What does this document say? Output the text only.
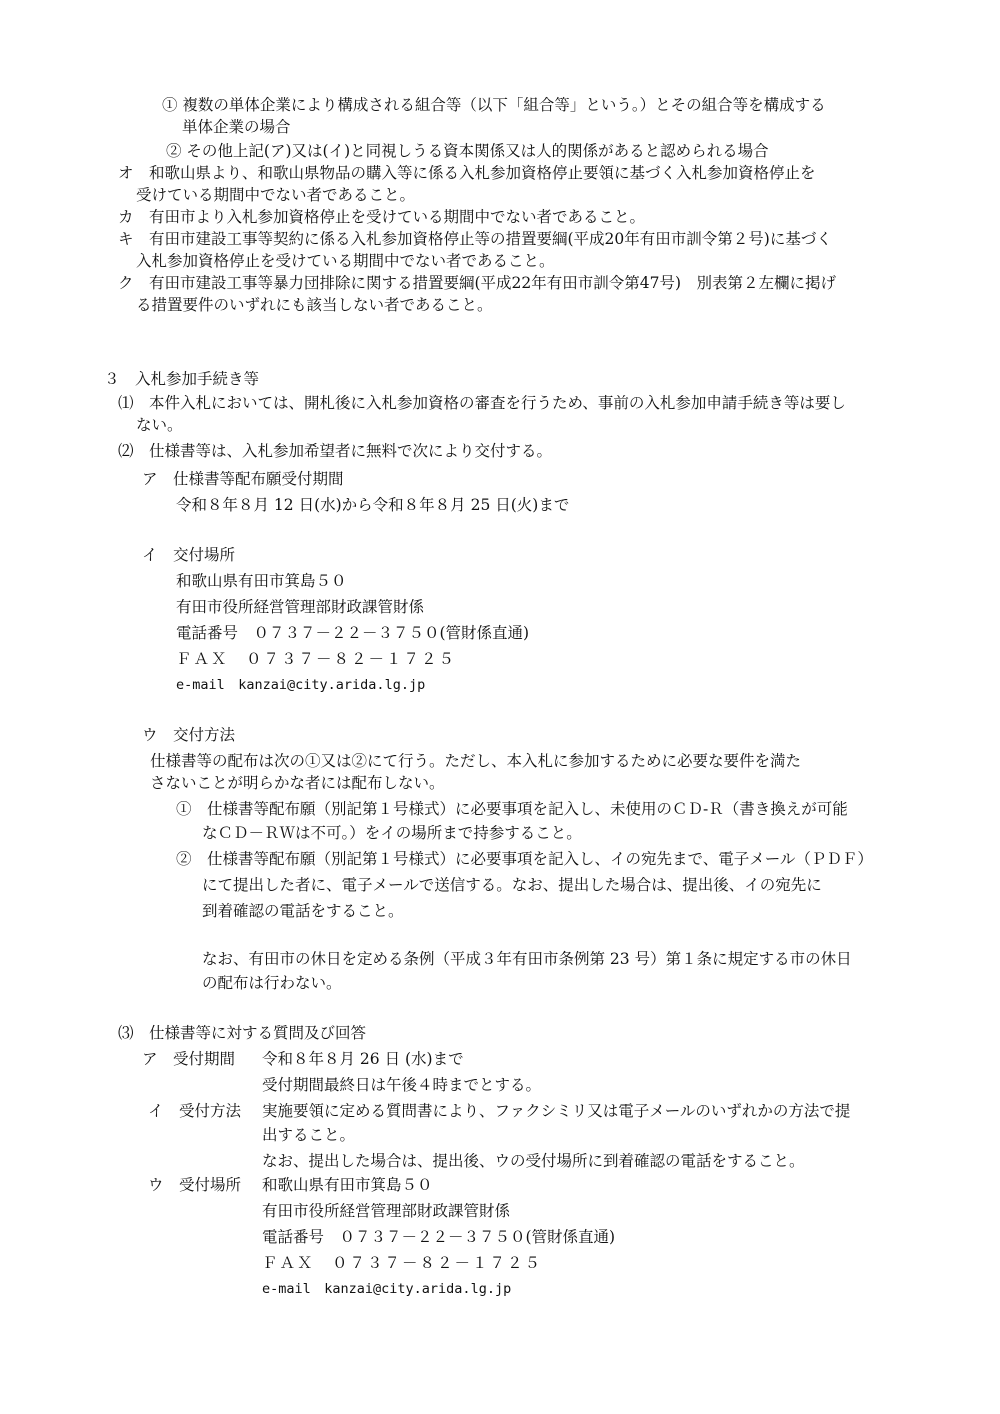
① 複数の単体企業により構成される組合等（以下「組合等」という。）とその組合等を構成する
単体企業の場合
② その他上記(ア)又は(イ)と同視しうる資本関係又は人的関係があると認められる場合
オ　和歌山県より、和歌山県物品の購入等に係る入札参加資格停止要領に基づく入札参加資格停止を
受けている期間中でない者であること。
カ　有田市より入札参加資格停止を受けている期間中でない者であること。
キ　有田市建設工事等契約に係る入札参加資格停止等の措置要綱(平成20年有田市訓令第２号)に基づく
入札参加資格停止を受けている期間中でない者であること。
ク　有田市建設工事等暴力団排除に関する措置要綱(平成22年有田市訓令第47号)　別表第２左欄に掲げ
る措置要件のいずれにも該当しない者であること。
３　入札参加手続き等
⑴　本件入札においては、開札後に入札参加資格の審査を行うため、事前の入札参加申請手続き等は要し
ない。
⑵　仕様書等は、入札参加希望者に無料で次により交付する。
ア　仕様書等配布願受付期間
令和８年８月 12 日(水)から令和８年８月 25 日(火)まで
イ　交付場所
和歌山県有田市箕島５０
有田市役所経営管理部財政課管財係
電話番号　０７３７－２２－３７５０(管財係直通)
ＦＡＸ　０７３７－８２－１７２５
e-mail　kanzai@city.arida.lg.jp
ウ　交付方法
仕様書等の配布は次の①又は②にて行う。ただし、本入札に参加するために必要な要件を満た
さないことが明らかな者には配布しない。
①　仕様書等配布願（別記第１号様式）に必要事項を記入し、未使用のＣＤ-Ｒ（書き換えが可能
なＣＤ－ＲＷは不可。）をイの場所まで持参すること。
②　仕様書等配布願（別記第１号様式）に必要事項を記入し、イの宛先まで、電子メール（ＰＤＦ）
にて提出した者に、電子メールで送信する。なお、提出した場合は、提出後、イの宛先に
到着確認の電話をすること。
なお、有田市の休日を定める条例（平成３年有田市条例第 23 号）第１条に規定する市の休日
の配布は行わない。
⑶　仕様書等に対する質問及び回答
ア　受付期間 令和８年８月 26 日 (水)まで
受付期間最終日は午後４時までとする。
イ　受付方法 実施要領に定める質問書により、ファクシミリ又は電子メールのいずれかの方法で提
出すること。
なお、提出した場合は、提出後、ウの受付場所に到着確認の電話をすること。
ウ　受付場所 和歌山県有田市箕島５０
有田市役所経営管理部財政課管財係
電話番号　０７３７－２２－３７５０(管財係直通)
ＦＡＸ　０７３７－８２－１７２５
e-mail　kanzai@city.arida.lg.jp
